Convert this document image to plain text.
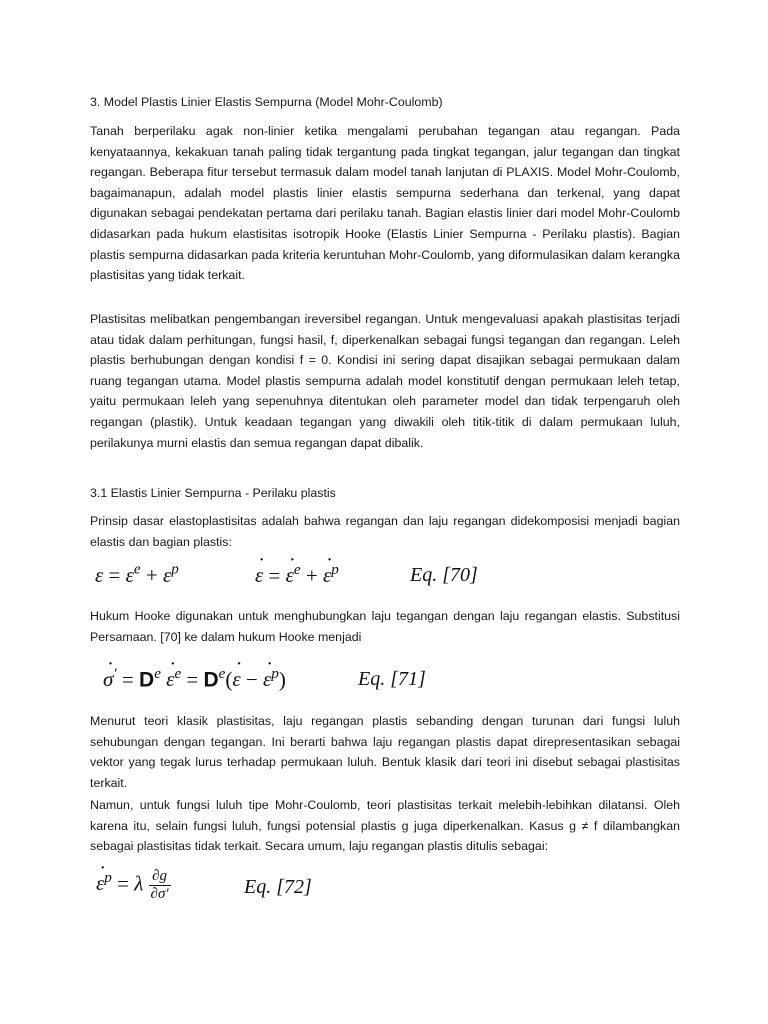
3. Model Plastis Linier Elastis Sempurna (Model Mohr-Coulomb)
Tanah berperilaku agak non-linier ketika mengalami perubahan tegangan atau regangan. Pada kenyataannya, kekakuan tanah paling tidak tergantung pada tingkat tegangan, jalur tegangan dan tingkat regangan. Beberapa fitur tersebut termasuk dalam model tanah lanjutan di PLAXIS. Model Mohr-Coulomb, bagaimanapun, adalah model plastis linier elastis sempurna sederhana dan terkenal, yang dapat digunakan sebagai pendekatan pertama dari perilaku tanah. Bagian elastis linier dari model Mohr-Coulomb didasarkan pada hukum elastisitas isotropik Hooke (Elastis Linier Sempurna - Perilaku plastis). Bagian plastis sempurna didasarkan pada kriteria keruntuhan Mohr-Coulomb, yang diformulasikan dalam kerangka plastisitas yang tidak terkait.
Plastisitas melibatkan pengembangan ireversibel regangan. Untuk mengevaluasi apakah plastisitas terjadi atau tidak dalam perhitungan, fungsi hasil, f, diperkenalkan sebagai fungsi tegangan dan regangan. Leleh plastis berhubungan dengan kondisi f = 0. Kondisi ini sering dapat disajikan sebagai permukaan dalam ruang tegangan utama. Model plastis sempurna adalah model konstitutif dengan permukaan leleh tetap, yaitu permukaan leleh yang sepenuhnya ditentukan oleh parameter model dan tidak terpengaruh oleh regangan (plastik). Untuk keadaan tegangan yang diwakili oleh titik-titik di dalam permukaan luluh, perilakunya murni elastis dan semua regangan dapat dibalik.
3.1 Elastis Linier Sempurna - Perilaku plastis
Prinsip dasar elastoplastisitas adalah bahwa regangan dan laju regangan didekomposisi menjadi bagian elastis dan bagian plastis:
$\varepsilon = \varepsilon^e + \varepsilon^p$	· ε = · $\varepsilon^e$ + · $\varepsilon^p$	Eq. [70]
Hukum Hooke digunakan untuk menghubungkan laju tegangan dengan laju regangan elastis. Substitusi Persamaan. [70] ke dalam hukum Hooke menjadi
· $\sigma' = D^e \cdot \varepsilon^e = D^e(\cdot \varepsilon$ − · $\varepsilon^p$)	Eq. [71]
Menurut teori klasik plastisitas, laju regangan plastis sebanding dengan turunan dari fungsi luluh sehubungan dengan tegangan. Ini berarti bahwa laju regangan plastis dapat direpresentasikan sebagai vektor yang tegak lurus terhadap permukaan luluh. Bentuk klasik dari teori ini disebut sebagai plastisitas terkait.
Namun, untuk fungsi luluh tipe Mohr-Coulomb, teori plastisitas terkait melebih-lebihkan dilatansi. Oleh karena itu, selain fungsi luluh, fungsi potensial plastis g juga diperkenalkan. Kasus g ≠ f dilambangkan sebagai plastisitas tidak terkait. Secara umum, laju regangan plastis ditulis sebagai:
· $\varepsilon^p = \lambda \frac{\partial g}{\partial\sigma'}$	Eq. [72]
